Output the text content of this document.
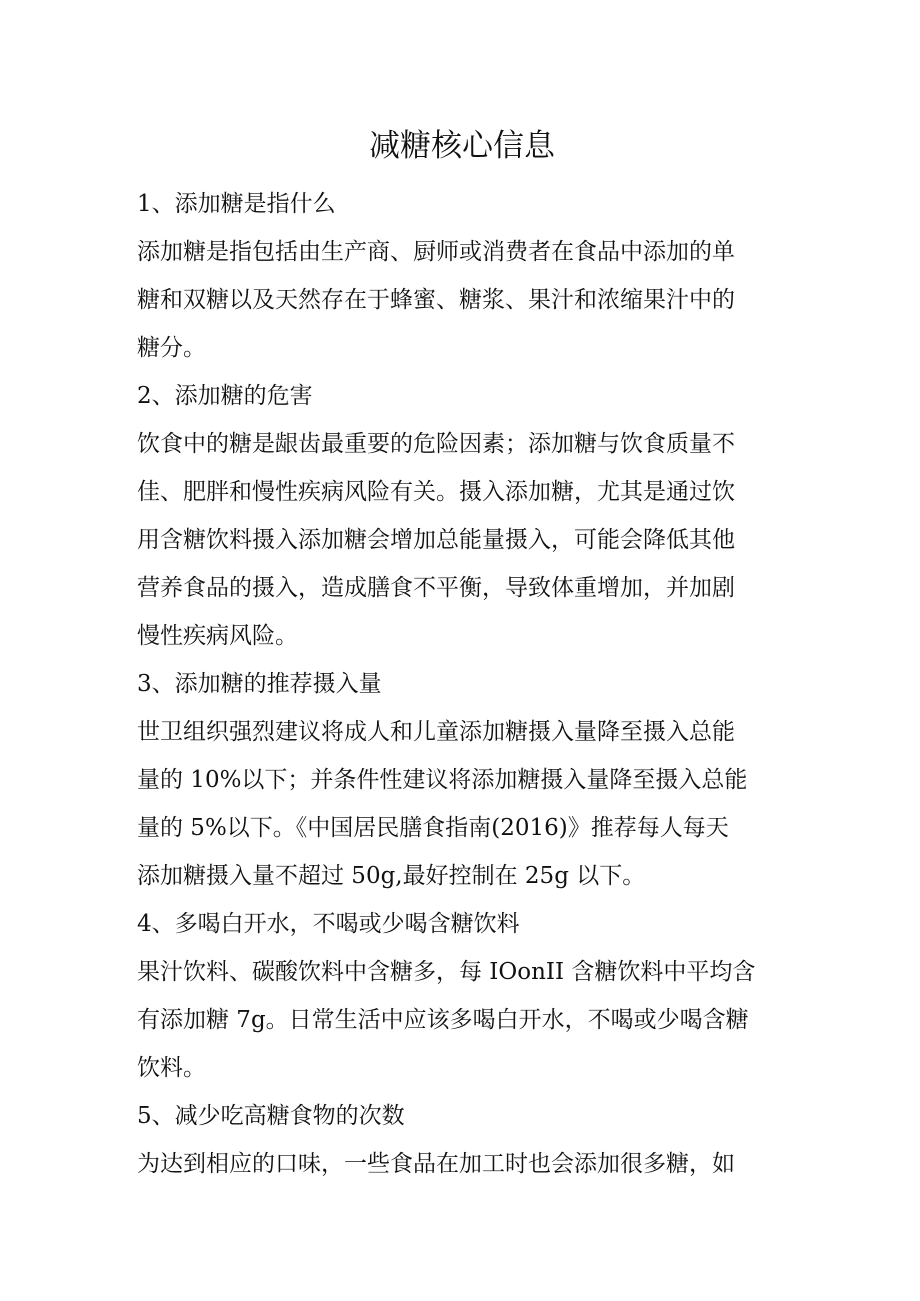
减糖核心信息

1、添加糖是指什么

添加糖是指包括由生产商、厨师或消费者在食品中添加的单
糖和双糖以及天然存在于蜂蜜、糖浆、果汁和浓缩果汁中的
糖分。

2、添加糖的危害

饮食中的糖是龈齿最重要的危险因素；添加糖与饮食质量不
佳、肥胖和慢性疾病风险有关。摄入添加糖，尤其是通过饮
用含糖饮料摄入添加糖会增加总能量摄入，可能会降低其他
营养食品的摄入，造成膳食不平衡，导致体重增加，并加剧
慢性疾病风险。

3、添加糖的推荐摄入量

世卫组织强烈建议将成人和儿童添加糖摄入量降至摄入总能
量的 10%以下；并条件性建议将添加糖摄入量降至摄入总能
量的 5%以下。《中国居民膳食指南(2016)》推荐每人每天
添加糖摄入量不超过 50g,最好控制在 25g 以下。

4、多喝白开水，不喝或少喝含糖饮料

果汁饮料、碳酸饮料中含糖多，每 IOonII 含糖饮料中平均含
有添加糖 7g。日常生活中应该多喝白开水，不喝或少喝含糖
饮料。

5、减少吃高糖食物的次数

为达到相应的口味，一些食品在加工时也会添加很多糖，如
